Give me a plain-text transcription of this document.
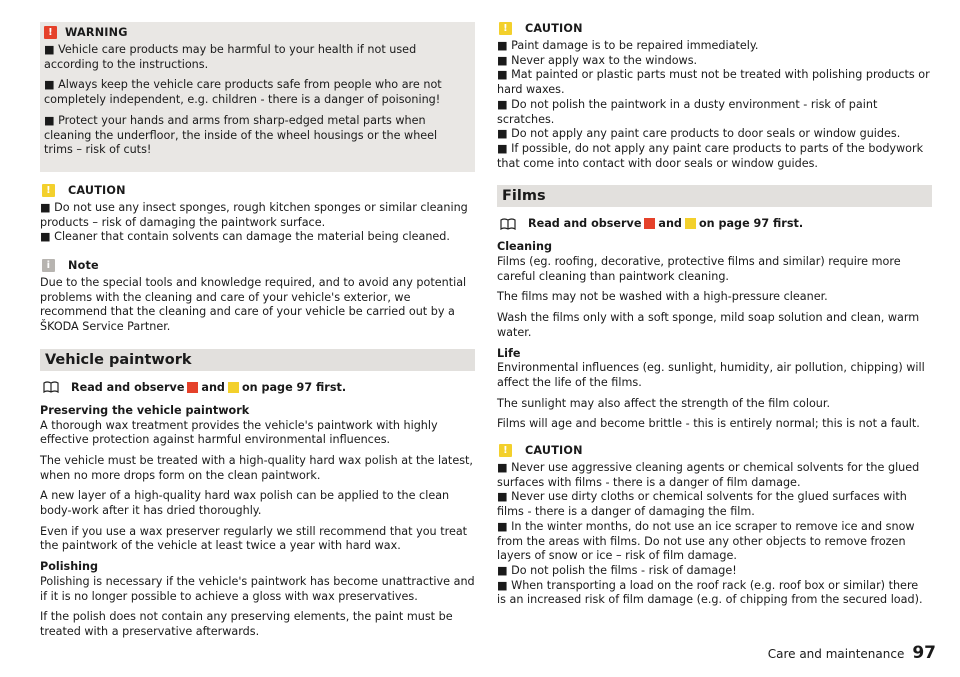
!	WARNING

■ Vehicle care products may be harmful to your health if not used according to the instructions.

■ Always keep the vehicle care products safe from people who are not completely independent, e.g. children - there is a danger of poisoning!

■ Protect your hands and arms from sharp-edged metal parts when cleaning the underfloor, the inside of the wheel housings or the wheel trims – risk of cuts!

!	CAUTION

■ Do not use any insect sponges, rough kitchen sponges or similar cleaning products – risk of damaging the paintwork surface.

■ Cleaner that contain solvents can damage the material being cleaned.

i	Note

Due to the special tools and knowledge required, and to avoid any potential problems with the cleaning and care of your vehicle's exterior, we recommend that the cleaning and care of your vehicle be carried out by a ŠKODA Service Partner.

Vehicle paintwork
Read and observe and on page 97 first.

Preserving the vehicle paintwork

A thorough wax treatment provides the vehicle's paintwork with highly effective protection against harmful environmental influences.

The vehicle must be treated with a high-quality hard wax polish at the latest, when no more drops form on the clean paintwork.

A new layer of a high-quality hard wax polish can be applied to the clean body-work after it has dried thoroughly.

Even if you use a wax preserver regularly we still recommend that you treat the paintwork of the vehicle at least twice a year with hard wax.

Polishing

Polishing is necessary if the vehicle's paintwork has become unattractive and if it is no longer possible to achieve a gloss with wax preservatives.

If the polish does not contain any preserving elements, the paint must be treated with a preservative afterwards.

!	CAUTION

■ Paint damage is to be repaired immediately.

■ Never apply wax to the windows.

■ Mat painted or plastic parts must not be treated with polishing products or hard waxes.

■ Do not polish the paintwork in a dusty environment - risk of paint scratches.

■ Do not apply any paint care products to door seals or window guides.

■ If possible, do not apply any paint care products to parts of the bodywork that come into contact with door seals or window guides.

Films
Read and observe and on page 97 first.

Cleaning

Films (eg. roofing, decorative, protective films and similar) require more careful cleaning than paintwork cleaning.

The films may not be washed with a high-pressure cleaner.

Wash the films only with a soft sponge, mild soap solution and clean, warm water.

Life

Environmental influences (eg. sunlight, humidity, air pollution, chipping) will affect the life of the films.

The sunlight may also affect the strength of the film colour.

Films will age and become brittle - this is entirely normal; this is not a fault.

!	CAUTION

■ Never use aggressive cleaning agents or chemical solvents for the glued surfaces with films - there is a danger of film damage.

■ Never use dirty cloths or chemical solvents for the glued surfaces with films - there is a danger of damaging the film.

■ In the winter months, do not use an ice scraper to remove ice and snow from the areas with films. Do not use any other objects to remove frozen layers of snow or ice – risk of film damage.

■ Do not polish the films - risk of damage!

■ When transporting a load on the roof rack (e.g. roof box or similar) there is an increased risk of film damage (e.g. of chipping from the secured load).

Care and maintenance 97
